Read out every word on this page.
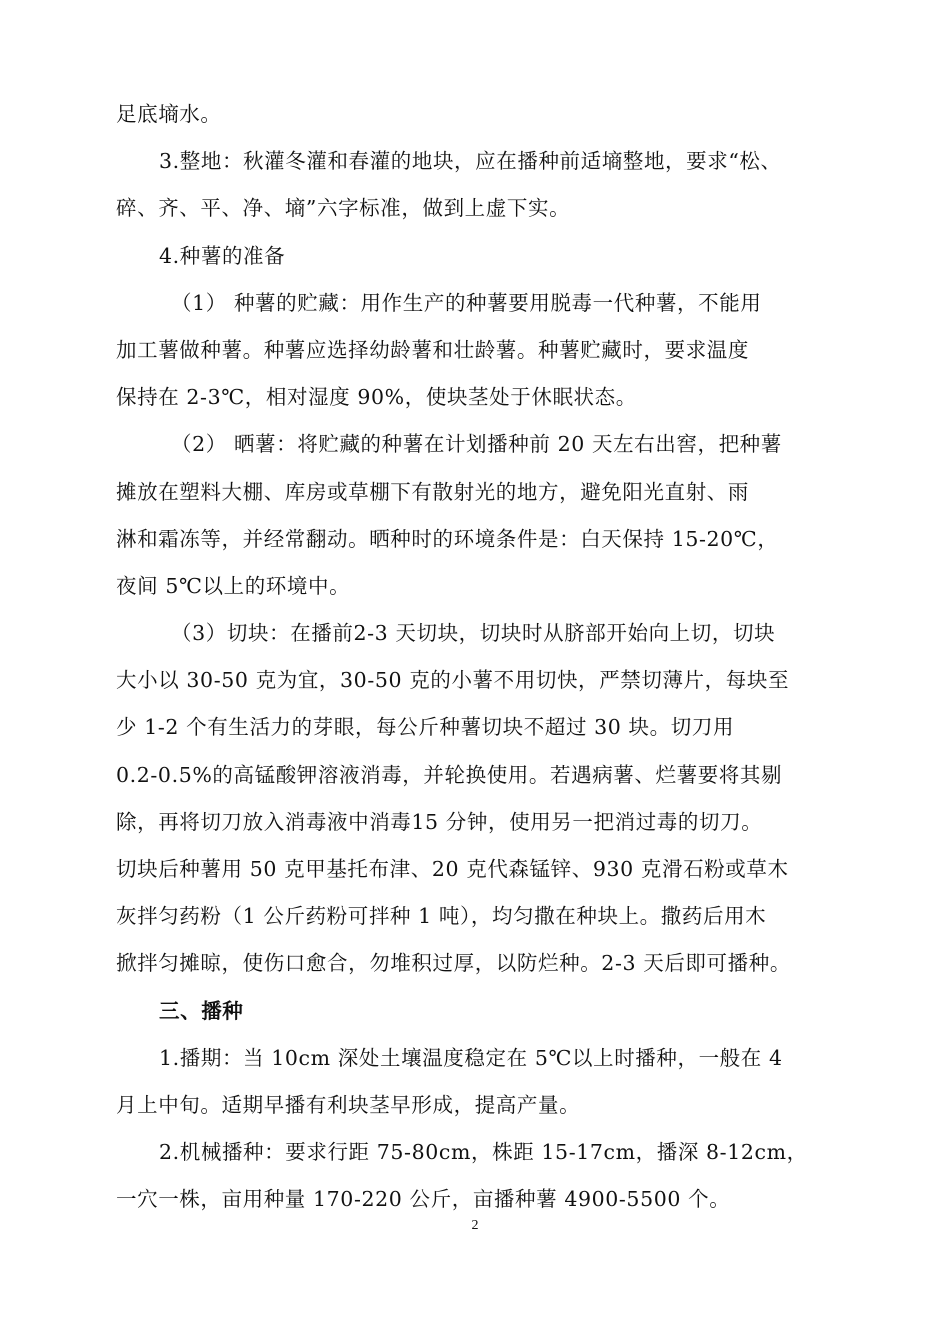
足底墒水。
3.整地：秋灌冬灌和春灌的地块，应在播种前适墒整地，要求“松、
碎、齐、平、净、墒”六字标准，做到上虚下实。
4.种薯的准备
（1） 种薯的贮藏：用作生产的种薯要用脱毒一代种薯，不能用
加工薯做种薯。种薯应选择幼龄薯和壮龄薯。种薯贮藏时，要求温度
保持在 2-3℃，相对湿度 90%，使块茎处于休眠状态。
（2） 晒薯：将贮藏的种薯在计划播种前 20 天左右出窖，把种薯
摊放在塑料大棚、库房或草棚下有散射光的地方，避免阳光直射、雨
淋和霜冻等，并经常翻动。晒种时的环境条件是：白天保持 15-20℃，
夜间 5℃以上的环境中。
（3）切块：在播前2-3 天切块，切块时从脐部开始向上切，切块
大小以 30-50 克为宜，30-50 克的小薯不用切快，严禁切薄片，每块至
少 1-2 个有生活力的芽眼，每公斤种薯切块不超过 30 块。切刀用
0.2-0.5%的高锰酸钾溶液消毒，并轮换使用。若遇病薯、烂薯要将其剔
除，再将切刀放入消毒液中消毒15 分钟，使用另一把消过毒的切刀。
切块后种薯用 50 克甲基托布津、20 克代森锰锌、930 克滑石粉或草木
灰拌匀药粉（1 公斤药粉可拌种 1 吨），均匀撒在种块上。撒药后用木
掀拌匀摊晾，使伤口愈合，勿堆积过厚，以防烂种。2-3 天后即可播种。
三、播种
1.播期：当 10cm 深处土壤温度稳定在 5℃以上时播种，一般在 4
月上中旬。适期早播有利块茎早形成，提高产量。
2.机械播种：要求行距 75-80cm，株距 15-17cm，播深 8-12cm，
一穴一株，亩用种量 170-220 公斤，亩播种薯 4900-5500 个。
2
